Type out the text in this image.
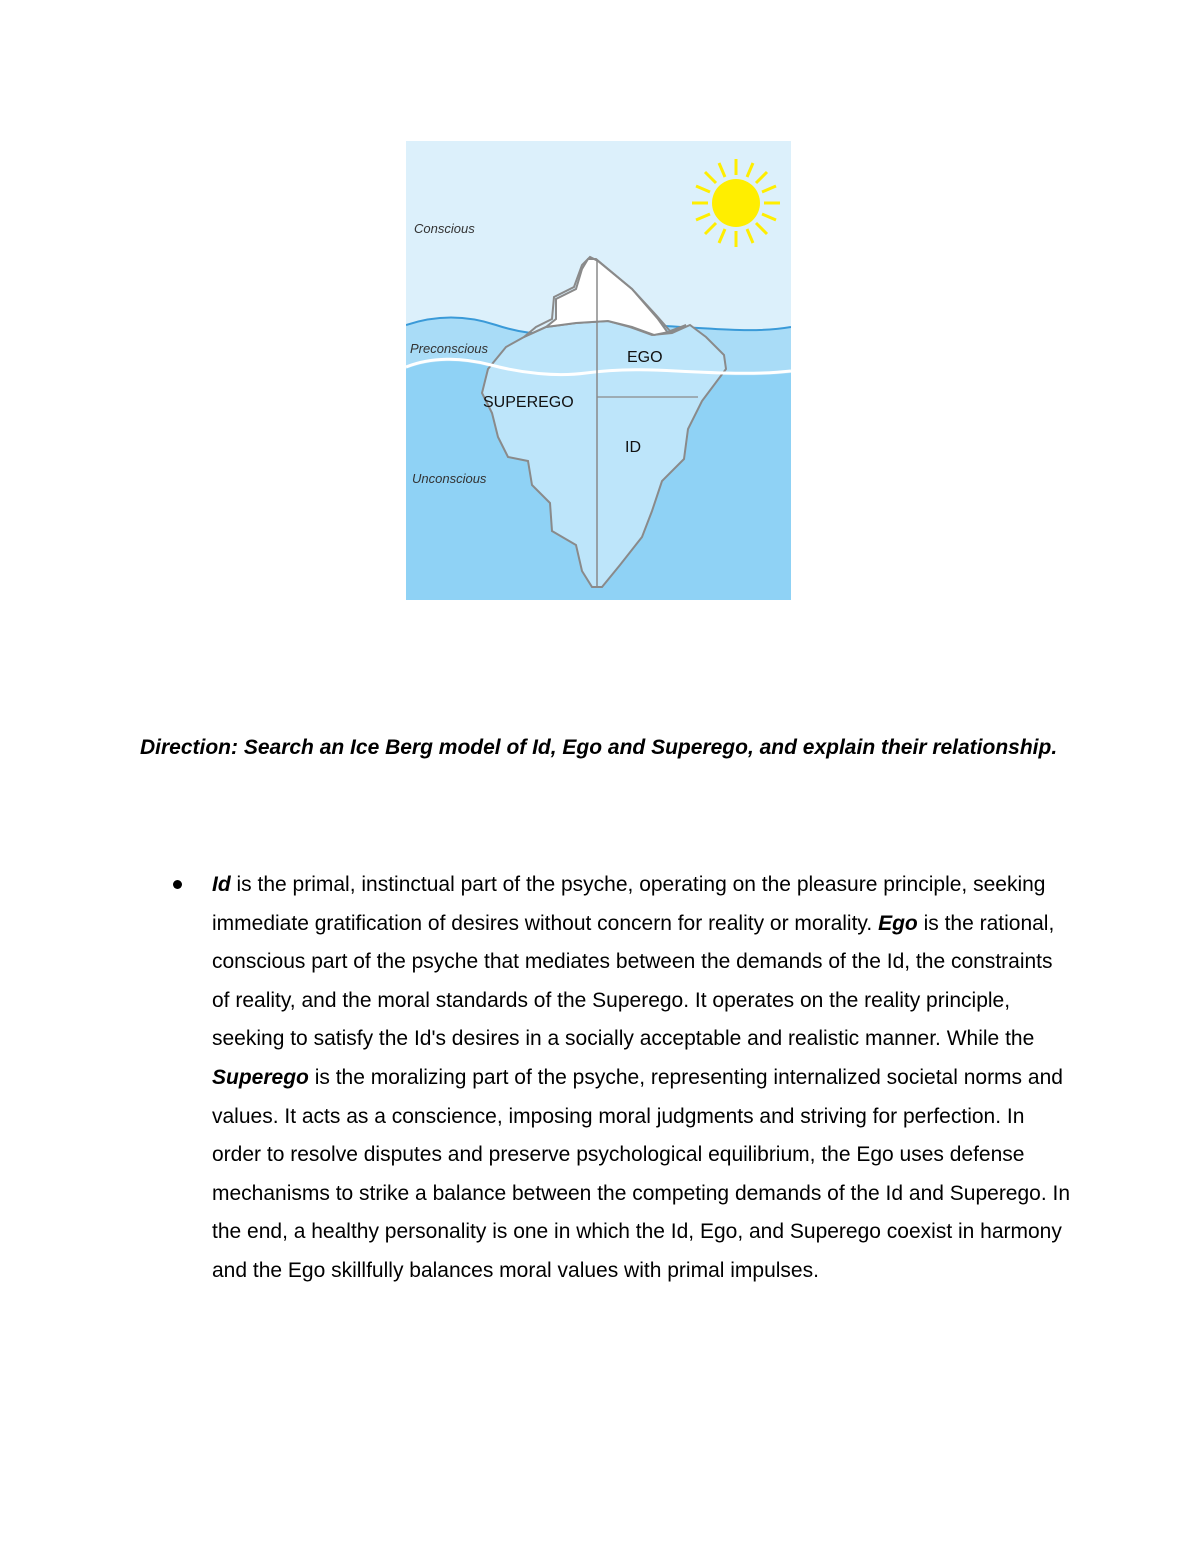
Conscious
Preconscious
Unconscious
EGO
SUPEREGO
ID

Direction: Search an Ice Berg model of Id, Ego and Superego, and explain their relationship.

Id is the primal, instinctual part of the psyche, operating on the pleasure principle, seeking immediate gratification of desires without concern for reality or morality. Ego is the rational, conscious part of the psyche that mediates between the demands of the Id, the constraints of reality, and the moral standards of the Superego. It operates on the reality principle, seeking to satisfy the Id's desires in a socially acceptable and realistic manner. While the Superego is the moralizing part of the psyche, representing internalized societal norms and values. It acts as a conscience, imposing moral judgments and striving for perfection. In order to resolve disputes and preserve psychological equilibrium, the Ego uses defense mechanisms to strike a balance between the competing demands of the Id and Superego. In the end, a healthy personality is one in which the Id, Ego, and Superego coexist in harmony and the Ego skillfully balances moral values with primal impulses.
